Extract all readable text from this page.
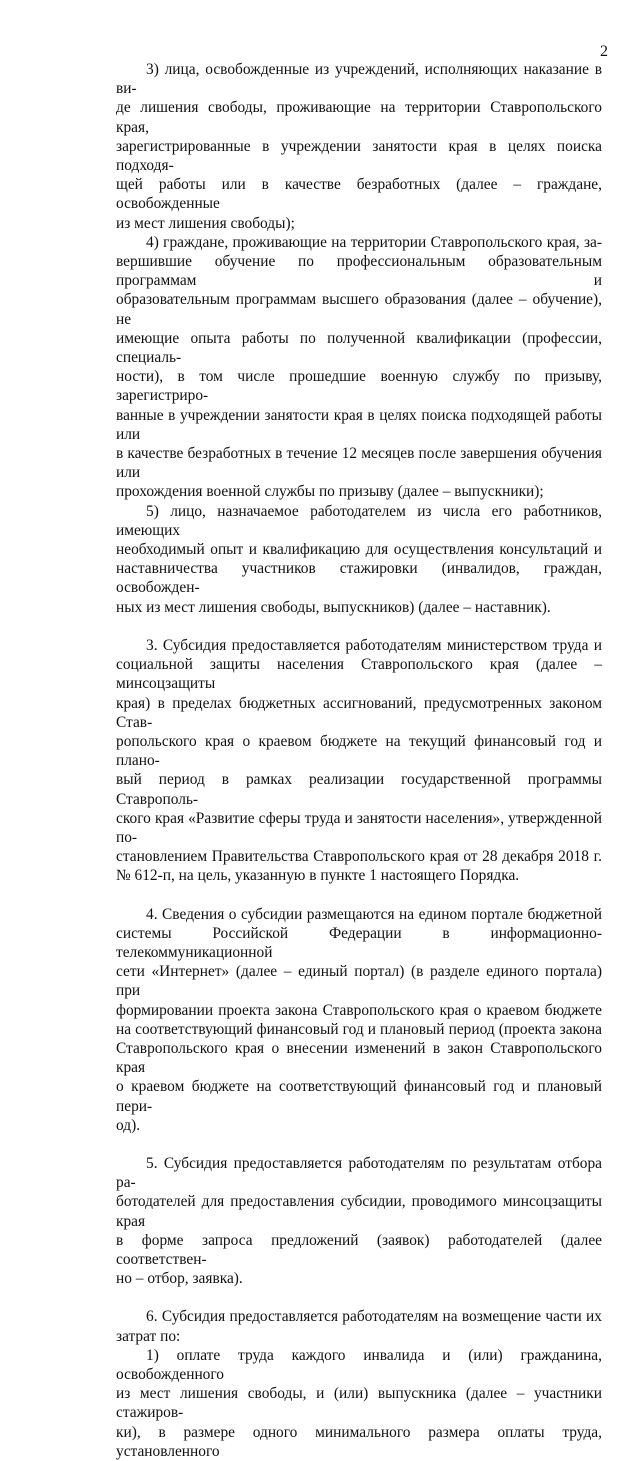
2

3) лица, освобожденные из учреждений, исполняющих наказание в ви-
де лишения свободы, проживающие на территории Ставропольского края,
зарегистрированные в учреждении занятости края в целях поиска подходя-
щей работы или в качестве безработных (далее – граждане, освобожденные

из мест лишения свободы);

4) граждане, проживающие на территории Ставропольского края, за-
вершившие обучение по профессиональным образовательным программам и
образовательным программам высшего образования (далее – обучение), не
имеющие опыта работы по полученной квалификации (профессии, специаль-
ности), в том числе прошедшие военную службу по призыву, зарегистриро-
ванные в учреждении занятости края в целях поиска подходящей работы или
в качестве безработных в течение 12 месяцев после завершения обучения или

прохождения военной службы по призыву (далее – выпускники);

5) лицо, назначаемое работодателем из числа его работников, имеющих
необходимый опыт и квалификацию для осуществления консультаций и
наставничества участников стажировки (инвалидов, граждан, освобожден-

ных из мест лишения свободы, выпускников) (далее – наставник).

3. Субсидия предоставляется работодателям министерством труда и
социальной защиты населения Ставропольского края (далее – минсоцзащиты
края) в пределах бюджетных ассигнований, предусмотренных законом Став-
ропольского края о краевом бюджете на текущий финансовый год и плано-
вый период в рамках реализации государственной программы Ставрополь-
ского края «Развитие сферы труда и занятости населения», утвержденной по-
становлением Правительства Ставропольского края от 28 декабря 2018 г.

№ 612-п, на цель, указанную в пункте 1 настоящего Порядка.

4. Сведения о субсидии размещаются на едином портале бюджетной
системы Российской Федерации в информационно-телекоммуникационной
сети «Интернет» (далее – единый портал) (в разделе единого портала) при
формировании проекта закона Ставропольского края о краевом бюджете
на соответствующий финансовый год и плановый период (проекта закона
Ставропольского края о внесении изменений в закон Ставропольского края
о краевом бюджете на соответствующий финансовый год и плановый пери-

од).

5. Субсидия предоставляется работодателям по результатам отбора ра-
ботодателей для предоставления субсидии, проводимого минсоцзащиты края
в форме запроса предложений (заявок) работодателей (далее соответствен-

но – отбор, заявка).

6. Субсидия предоставляется работодателям на возмещение части их

затрат по:

1) оплате труда каждого инвалида и (или) гражданина, освобожденного
из мест лишения свободы, и (или) выпускника (далее – участники стажиров-
ки), в размере одного минимального размера оплаты труда, установленного
